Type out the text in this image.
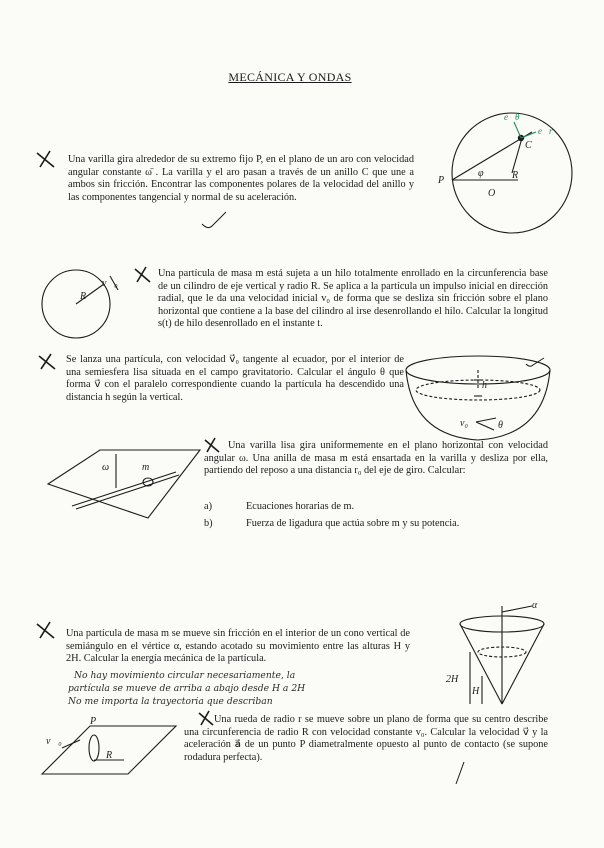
MECÁNICA Y ONDAS
Una varilla gira alrededor de su extremo fijo P, en el plano de un aro con velocidad angular constante ω̄ . La varilla y el aro pasan a través de un anillo C que une a ambos sin fricción. Encontrar las componentes polares de la velocidad del anillo y las componentes tangencial y normal de su aceleración.
P
C
R
O
φ
e⃗θ
e⃗r
R
v⃗₀
Una partícula de masa m está sujeta a un hilo totalmente enrollado en la circunferencia base de un cilindro de eje vertical y radio R. Se aplica a la partícula un impulso inicial en dirección radial, que le da una velocidad inicial v₀ de forma que se desliza sin fricción sobre el plano horizontal que contiene a la base del cilindro al irse desenrollando el hilo. Calcular la longitud s(t) de hilo desenrollado en el instante t.
Se lanza una partícula, con velocidad v⃗₀ tangente al ecuador, por el interior de una semiesfera lisa situada en el campo gravitatorio. Calcular el ángulo θ que forma v⃗ con el paralelo correspondiente cuando la partícula ha descendido una distancia h según la vertical.
h
v₀	θ
ω⃗	m
Una varilla lisa gira uniformemente en el plano horizontal con velocidad angular ω. Una anilla de masa m está ensartada en la varilla y desliza por ella, partiendo del reposo a una distancia r₀ del eje de giro. Calcular:
a)	Ecuaciones horarias de m.
b)	Fuerza de ligadura que actúa sobre m y su potencia.
Una partícula de masa m se mueve sin fricción en el interior de un cono vertical de semiángulo en el vértice α, estando acotado su movimiento entre las alturas H y 2H. Calcular la energía mecánica de la partícula.
No hay movimiento circular necesariamente, la
partícula se mueve de arriba a abajo desde H a 2H
No me importa la trayectoria que describan
α
2H
H
P
R
v⃗₀
Una rueda de radio r se mueve sobre un plano de forma que su centro describe una circunferencia de radio R con velocidad constante v₀. Calcular la velocidad v⃗ y la aceleración a⃗ de un punto P diametralmente opuesto al punto de contacto (se supone rodadura perfecta).
